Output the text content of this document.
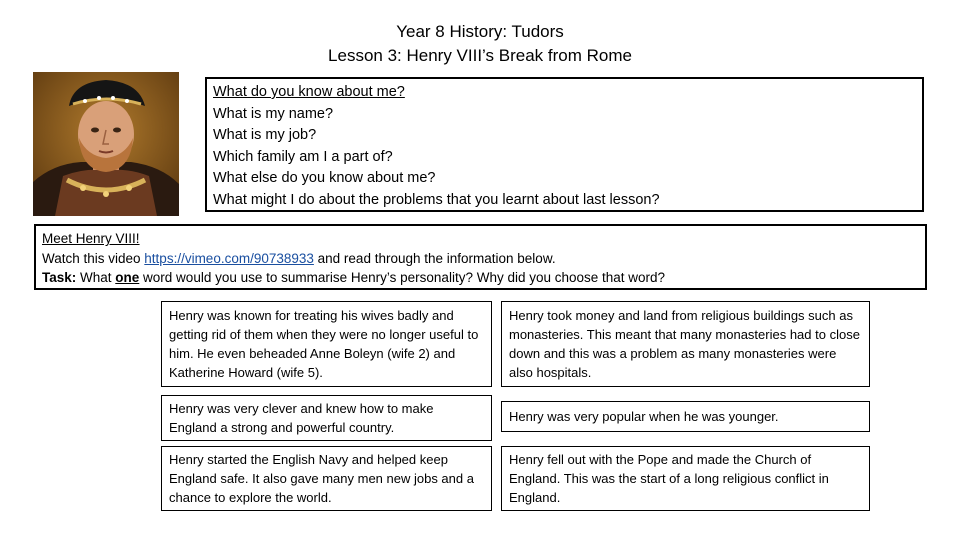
Year 8 History: Tudors
Lesson 3: Henry VIII’s Break from Rome
What do you know about me?
What is my name?
What is my job?
Which family am I a part of?
What else do you know about me?
What might I do about the problems that you learnt about last lesson?
Meet Henry VIII!
Watch this video https://vimeo.com/90738933 and read through the information below.
Task: What one word would you use to summarise Henry’s personality? Why did you choose that word?
Henry was known for treating his wives badly and getting rid of them when they were no longer useful to him. He even beheaded Anne Boleyn (wife 2) and Katherine Howard (wife 5).
Henry took money and land from religious buildings such as monasteries. This meant that many monasteries had to close down and this was a problem as many monasteries were also hospitals.
Henry was very clever and knew how to make England a strong and powerful country.
Henry was very popular when he was younger.
Henry started the English Navy and helped keep England safe. It also gave many men new jobs and a chance to explore the world.
Henry fell out with the Pope and made the Church of England. This was the start of a long religious conflict in England.
